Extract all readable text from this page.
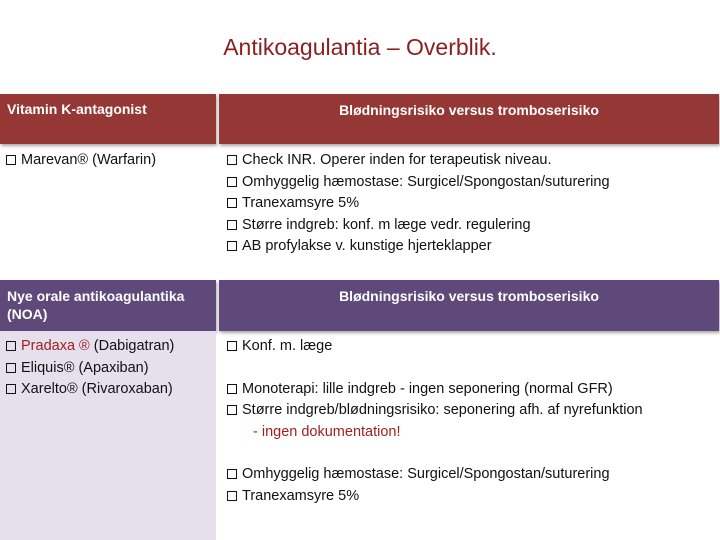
Antikoagulantia – Overblik.
Vitamin K-antagonist	Blødningsrisiko versus tromboserisiko
Marevan® (Warfarin)	Check INR. Operer inden for terapeutisk niveau.
Omhyggelig hæmostase: Surgicel/Spongostan/suturering
Tranexamsyre 5%
Større indgreb: konf. m læge vedr. regulering
AB profylakse v. kunstige hjerteklapper
Nye orale antikoagulantika (NOA)
Blødningsrisiko versus tromboserisiko
Pradaxa ® (Dabigatran)
Eliquis® (Apaxiban)
Xarelto® (Rivaroxaban)
Konf. m. læge
Monoterapi: lille indgreb - ingen seponering (normal GFR)
Større indgreb/blødningsrisiko: seponering afh. af nyrefunktion
- ingen dokumentation!
Omhyggelig hæmostase: Surgicel/Spongostan/suturering
Tranexamsyre 5%
